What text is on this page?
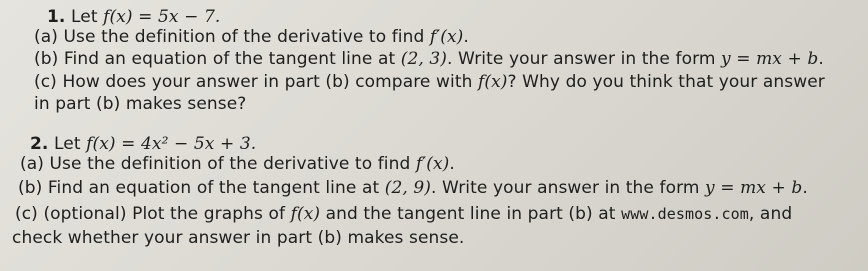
1. Let f(x) = 5x − 7.
(a) Use the definition of the derivative to find f′(x).
(b) Find an equation of the tangent line at (2, 3). Write your answer in the form y = mx + b.
(c) How does your answer in part (b) compare with f(x)? Why do you think that your answer
in part (b) makes sense?
2. Let f(x) = 4x² − 5x + 3.
(a) Use the definition of the derivative to find f′(x).
(b) Find an equation of the tangent line at (2, 9). Write your answer in the form y = mx + b.
(c) (optional) Plot the graphs of f(x) and the tangent line in part (b) at www.desmos.com, and
check whether your answer in part (b) makes sense.
